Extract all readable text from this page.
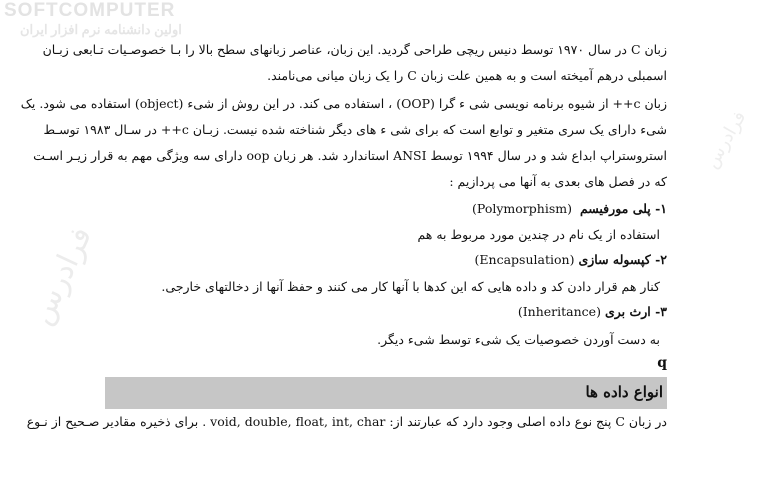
SOFTCOMPUTER
اولین دانشنامه نرم افزار ایران
فرادرس
فرادرس
زبان C در سال ۱۹۷۰ توسط دنیس ریچی طراحی گردید. این زبان، عناصر زبانهای سطح بالا را بـا خصوصـیات تـابعی زبـان
اسمبلی درهم آمیخته است و به همین علت زبان C را یک زبان میانی می‌نامند.
زبان c++ از شیوه برنامه نویسی شی ء گرا (OOP) ، استفاده می کند. در این روش از شیء (object) استفاده می شود. یک
شیء دارای یک سری متغیر و توابع است که برای شی ء های دیگر شناخته شده نیست. زبـان c++ در سـال ۱۹۸۳ توسـط
استروستراپ ابداع شد و در سال ۱۹۹۴ توسط ANSI استاندارد شد. هر زبان oop دارای سه ویژگی مهم به قرار زیـر اسـت
که در فصل های بعدی به آنها می پردازیم :
۱- پلی مورفیسم  (Polymorphism)
استفاده از یک نام در چندین مورد مربوط به هم
۲- کپسوله سازی (Encapsulation)
کنار هم قرار دادن کد و داده هایی که این کدها با آنها کار می کنند و حفظ آنها از دخالتهای خارجی.
۳- ارث بری (Inheritance)
به دست آوردن خصوصیات یک شیء توسط شیء دیگر.
𝐪
انواع داده ها
در زبان C پنج نوع داده اصلی وجود دارد که عبارتند از: void, double, float, int, char . برای ذخیره مقادیر صـحیح از نـوع
